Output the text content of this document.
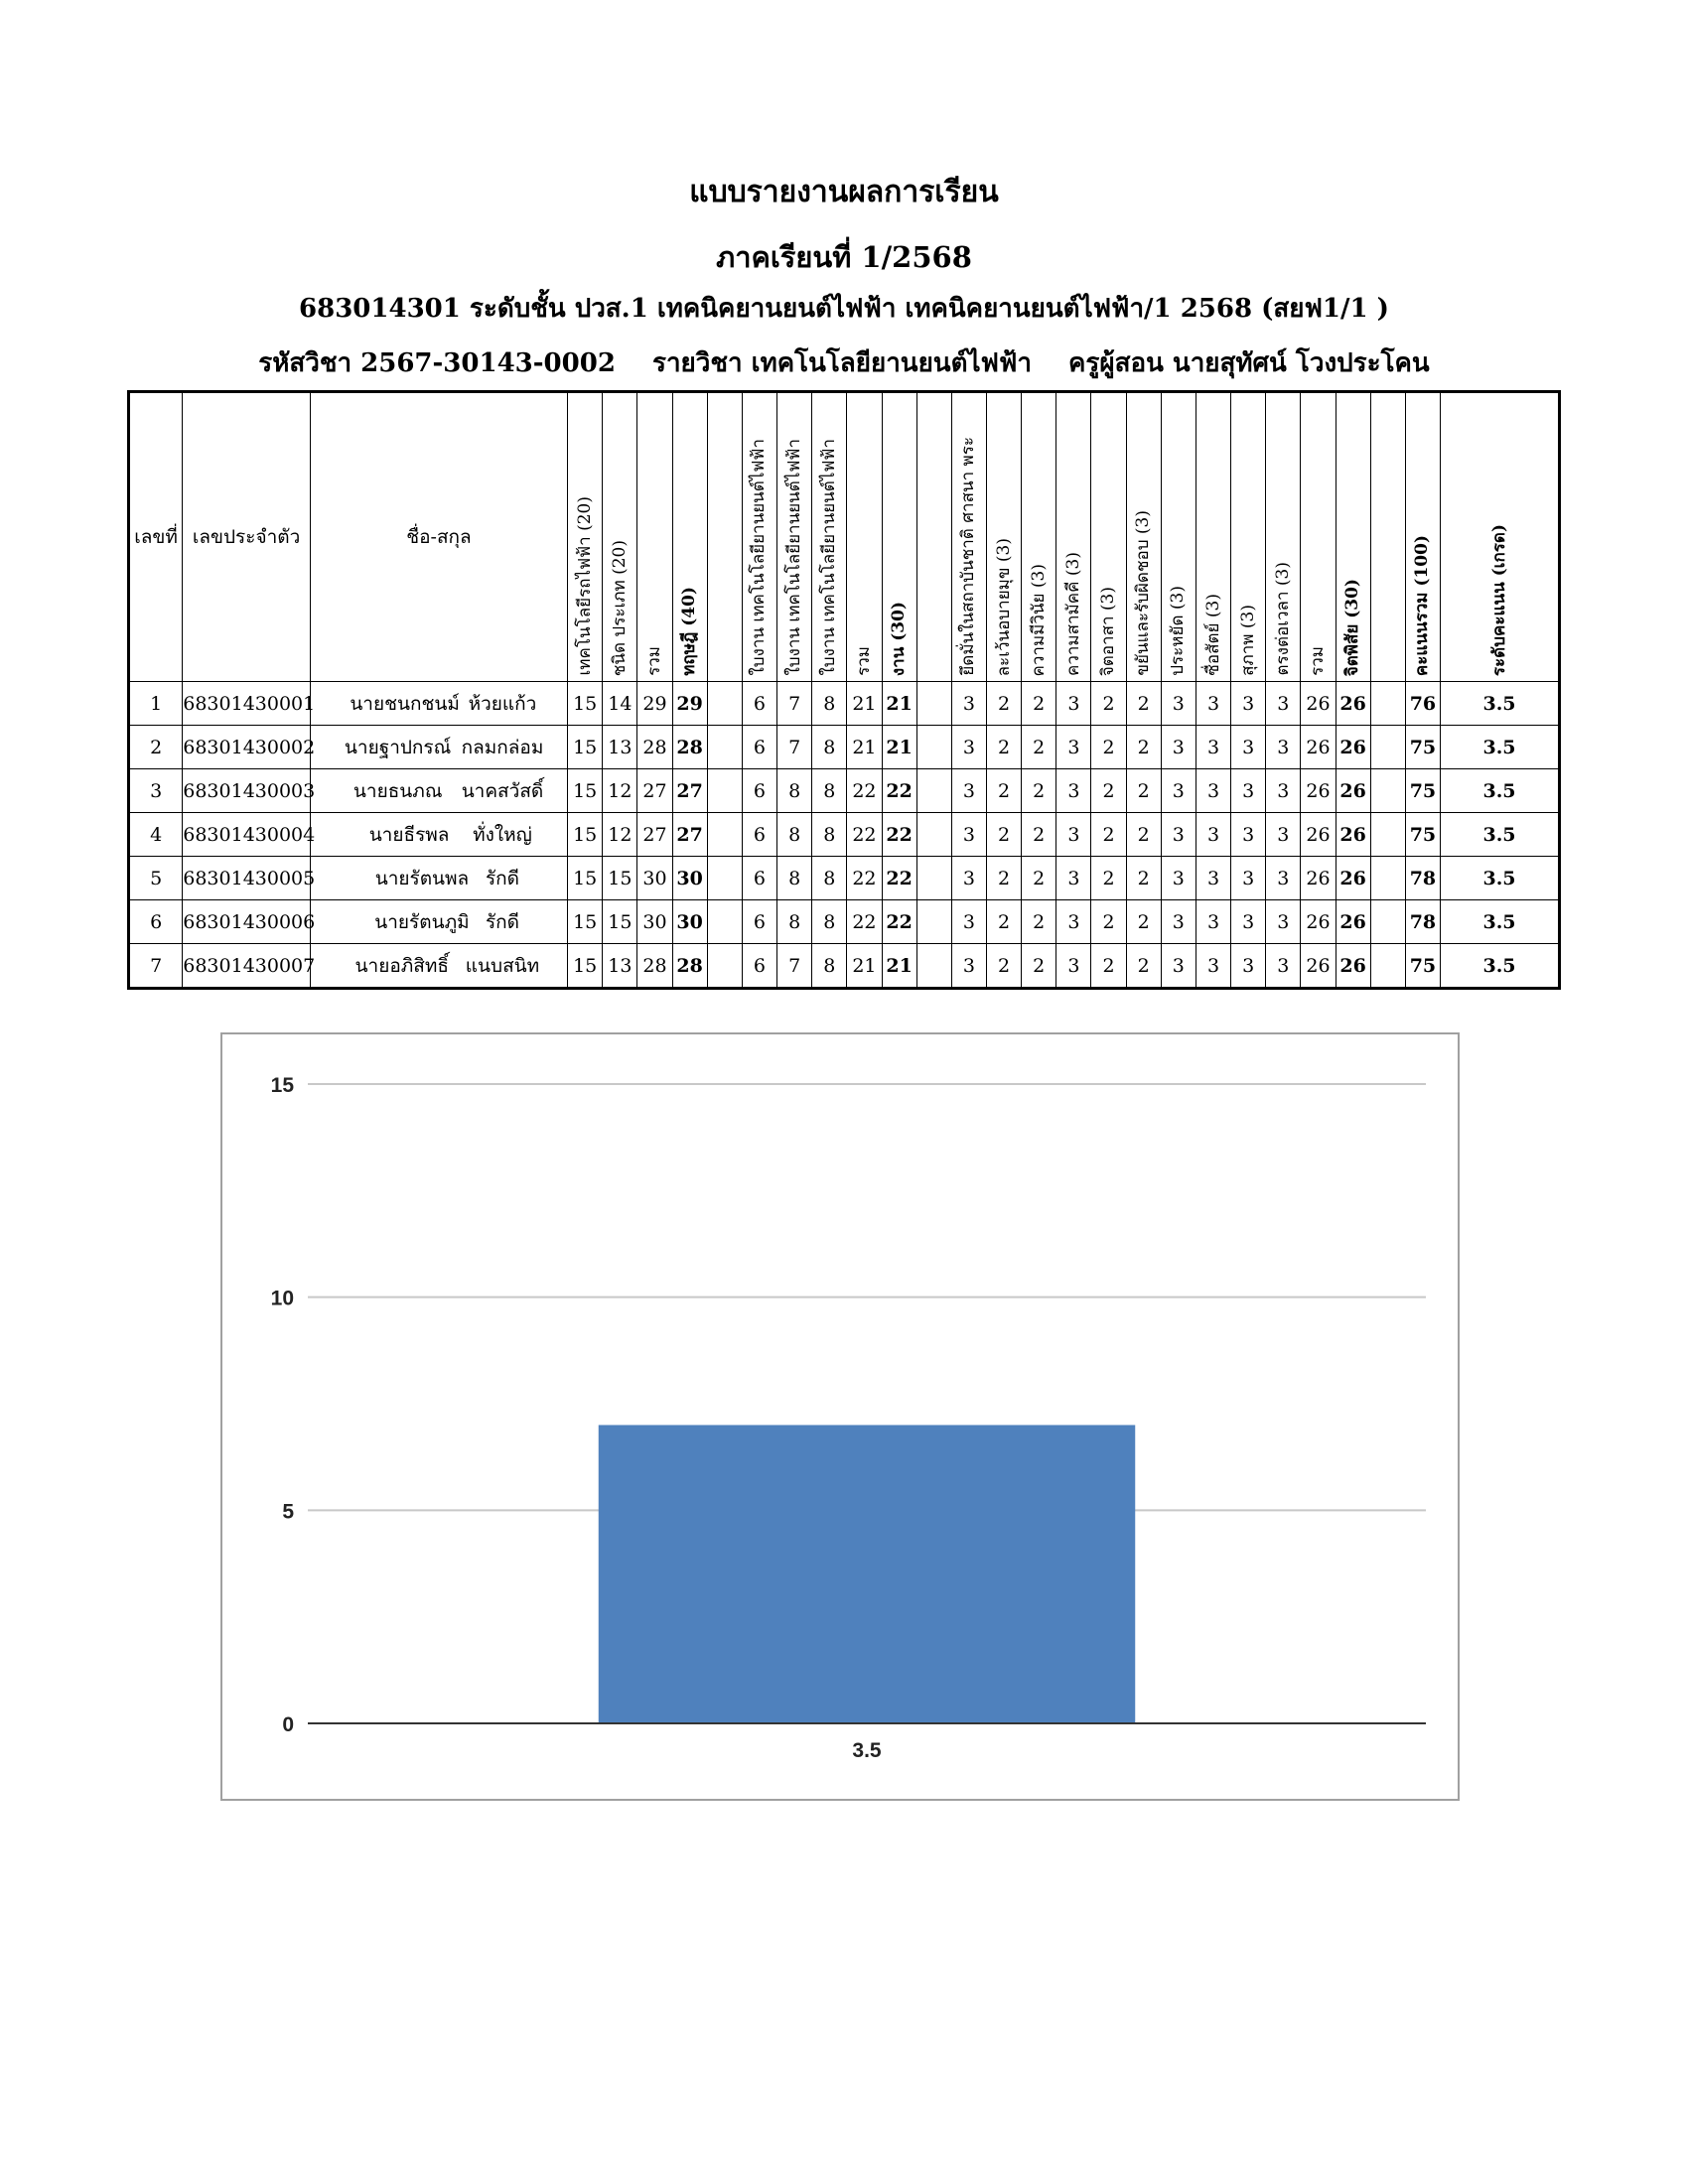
แบบรายงานผลการเรียน
ภาคเรียนที่ 1/2568
683014301 ระดับชั้น ปวส.1 เทคนิคยานยนต์ไฟฟ้า เทคนิคยานยนต์ไฟฟ้า/1 2568 (สยฟ1/1 )
รหัสวิชา 2567-30143-0002 รายวิชา เทคโนโลยียานยนต์ไฟฟ้า ครูผู้สอน นายสุทัศน์ โวงประโคน
เลขที่	เลขประจำตัว	ชื่อ-สกุล	เทคโนโลยีรถไฟฟ้า (20)	ชนิด ประเภท (20)	รวม	ทฤษฎี (40)		ใบงาน เทคโนโลยียานยนต์ไฟฟ้า	ใบงาน เทคโนโลยียานยนต์ไฟฟ้า	ใบงาน เทคโนโลยียานยนต์ไฟฟ้า	รวม	งาน (30)		ยึดมั่นในสถาบันชาติ ศาสนา พระ	ละเว้นอบายมุข (3)	ความมีวินัย (3)	ความสามัคคี (3)	จิตอาสา (3)	ขยันและรับผิดชอบ (3)	ประหยัด (3)	ซื่อสัตย์ (3)	สุภาพ (3)	ตรงต่อเวลา (3)	รวม	จิตพิสัย (30)		คะแนนรวม (100)	ระดับคะแนน (เกรด)
1	68301430001	นายชนกชนม์ ห้วยแก้ว	15	14	29	29		6	7	8	21	21		3	2	2	3	2	2	3	3	3	3	26	26		76	3.5
2	68301430002	นายฐาปกรณ์ กลมกล่อม	15	13	28	28		6	7	8	21	21		3	2	2	3	2	2	3	3	3	3	26	26		75	3.5
3	68301430003	นายธนภณ นาคสวัสดิ์	15	12	27	27		6	8	8	22	22		3	2	2	3	2	2	3	3	3	3	26	26		75	3.5
4	68301430004	นายธีรพล ทั่งใหญ่	15	12	27	27		6	8	8	22	22		3	2	2	3	2	2	3	3	3	3	26	26		75	3.5
5	68301430005	นายรัตนพล รักดี	15	15	30	30		6	8	8	22	22		3	2	2	3	2	2	3	3	3	3	26	26		78	3.5
6	68301430006	นายรัตนภูมิ รักดี	15	15	30	30		6	8	8	22	22		3	2	2	3	2	2	3	3	3	3	26	26		78	3.5
7	68301430007	นายอภิสิทธิ์ แนบสนิท	15	13	28	28		6	7	8	21	21		3	2	2	3	2	2	3	3	3	3	26	26		75	3.5
0
5
10
15
3.5
